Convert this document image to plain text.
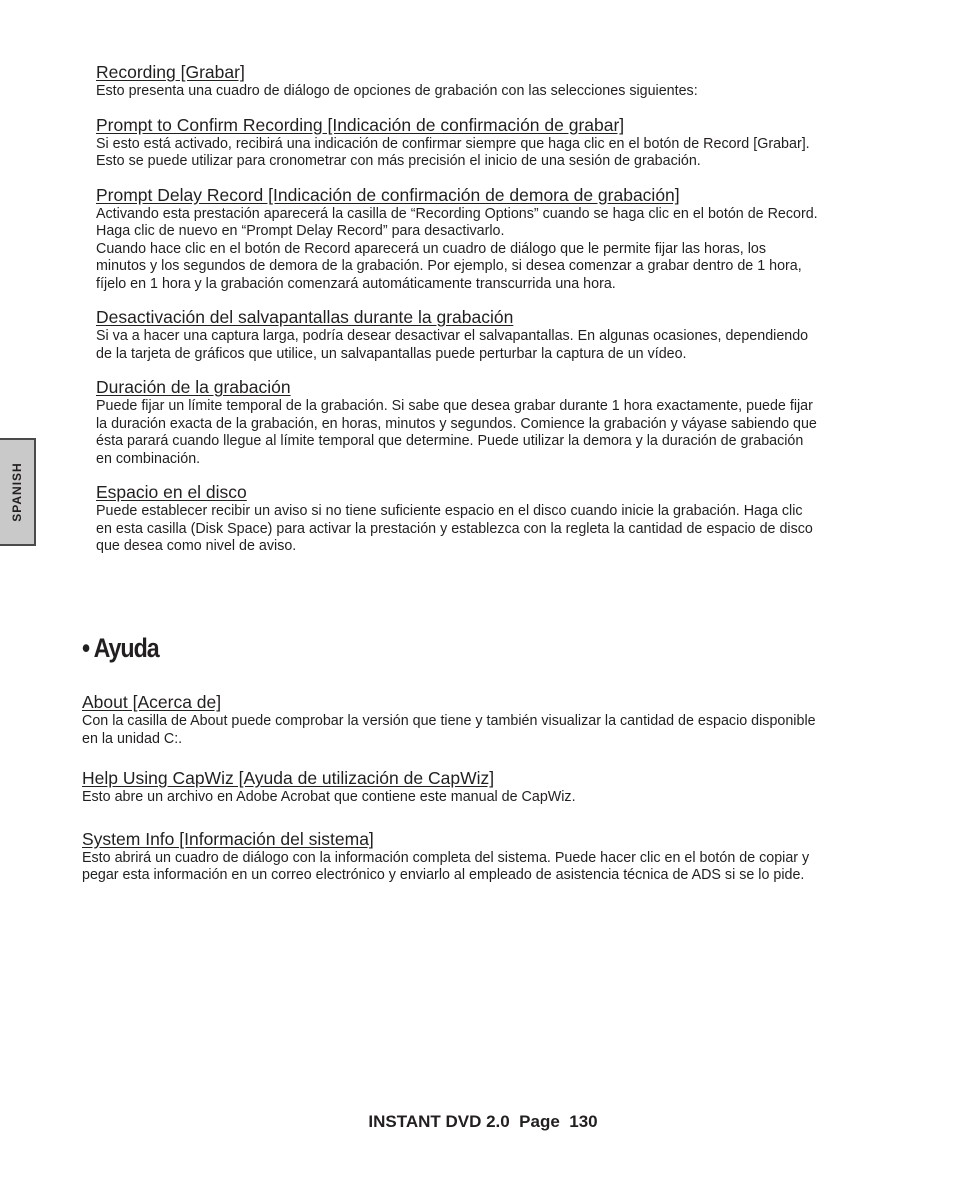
SPANISH
Recording [Grabar]

Esto presenta una cuadro de diálogo de opciones de grabación con las selecciones siguientes:

Prompt to Confirm Recording [Indicación de confirmación de grabar]

Si esto está activado, recibirá una indicación de confirmar siempre que haga clic en el botón de Record [Grabar].
Esto se puede utilizar para cronometrar con más precisión el inicio de una sesión de grabación.

Prompt Delay Record [Indicación de confirmación de demora de grabación]

Activando esta prestación aparecerá la casilla de “Recording Options” cuando se haga clic en el botón de Record.
Haga clic de nuevo en “Prompt Delay Record” para desactivarlo.
Cuando hace clic en el botón de Record aparecerá un cuadro de diálogo que le permite fijar las horas, los
minutos y los segundos de demora de la grabación. Por ejemplo, si desea comenzar a grabar dentro de 1 hora,
fíjelo en 1 hora y la grabación comenzará automáticamente transcurrida una hora.

Desactivación del salvapantallas durante la grabación

Si va a hacer una captura larga, podría desear desactivar el salvapantallas. En algunas ocasiones, dependiendo
de la tarjeta de gráficos que utilice, un salvapantallas puede perturbar la captura de un vídeo.

Duración de la grabación

Puede fijar un límite temporal de la grabación. Si sabe que desea grabar durante 1 hora exactamente, puede fijar
la duración exacta de la grabación, en horas, minutos y segundos. Comience la grabación y váyase sabiendo que
ésta parará cuando llegue al límite temporal que determine. Puede utilizar la demora y la duración de grabación
en combinación.

Espacio en el disco

Puede establecer recibir un aviso si no tiene suficiente espacio en el disco cuando inicie la grabación. Haga clic
en esta casilla (Disk Space) para activar la prestación y establezca con la regleta la cantidad de espacio de disco
que desea como nivel de aviso.

• Ayuda
About [Acerca de]

Con la casilla de About puede comprobar la versión que tiene y también visualizar la cantidad de espacio disponible
en la unidad C:.

Help Using CapWiz [Ayuda de utilización de CapWiz]

Esto abre un archivo en Adobe Acrobat que contiene este manual de CapWiz.

System Info [Información del sistema]

Esto abrirá un cuadro de diálogo con la información completa del sistema. Puede hacer clic en el botón de copiar y
pegar esta información en un correo electrónico y enviarlo al empleado de asistencia técnica de ADS si se lo pide.

INSTANT DVD 2.0  Page  130
